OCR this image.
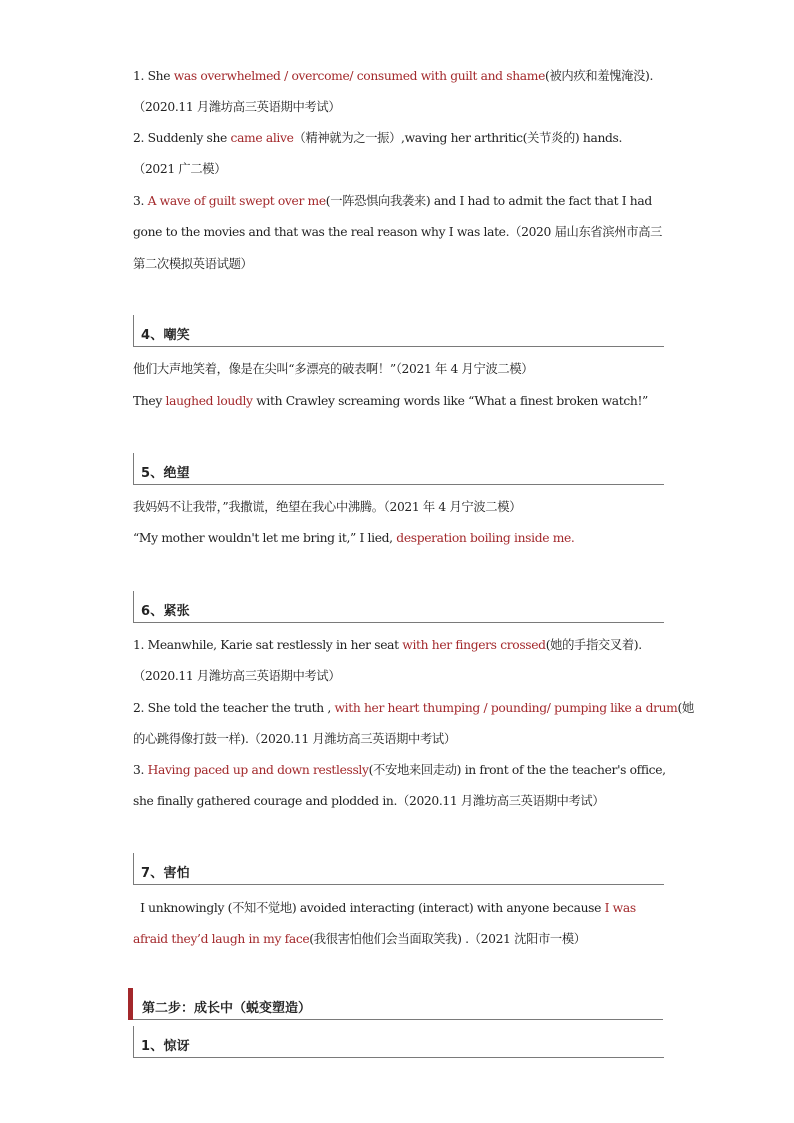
1. She was overwhelmed / overcome/ consumed with guilt and shame(被内疚和羞愧淹没).
（2020.11 月潍坊高三英语期中考试）
2. Suddenly she came alive（精神就为之一振）,waving her arthritic(关节炎的) hands.
（2021 广二模）
3. A wave of guilt swept over me(一阵恐惧向我袭来) and I had to admit the fact that I had
gone to the movies and that was the real reason why I was late.（2020 届山东省滨州市高三
第二次模拟英语试题）
4、嘲笑
他们大声地笑着，像是在尖叫“多漂亮的破表啊！”（2021 年 4 月宁波二模）
They laughed loudly with Crawley screaming words like “What a finest broken watch!”
5、绝望
我妈妈不让我带，”我撒谎，绝望在我心中沸腾。（2021 年 4 月宁波二模）
“My mother wouldn't let me bring it,” I lied, desperation boiling inside me.
6、紧张
1. Meanwhile, Karie sat restlessly in her seat with her fingers crossed(她的手指交叉着).
（2020.11 月潍坊高三英语期中考试）
2. She told the teacher the truth , with her heart thumping / pounding/ pumping like a drum(她
的心跳得像打鼓一样).（2020.11 月潍坊高三英语期中考试）
3. Having paced up and down restlessly(不安地来回走动) in front of the the teacher's office,
she finally gathered courage and plodded in.（2020.11 月潍坊高三英语期中考试）
7、害怕
I unknowingly (不知不觉地) avoided interacting (interact) with anyone because I was
afraid they’d laugh in my face(我很害怕他们会当面取笑我) .（2021 沈阳市一模）
第二步：成长中（蜕变塑造）
1、惊讶
